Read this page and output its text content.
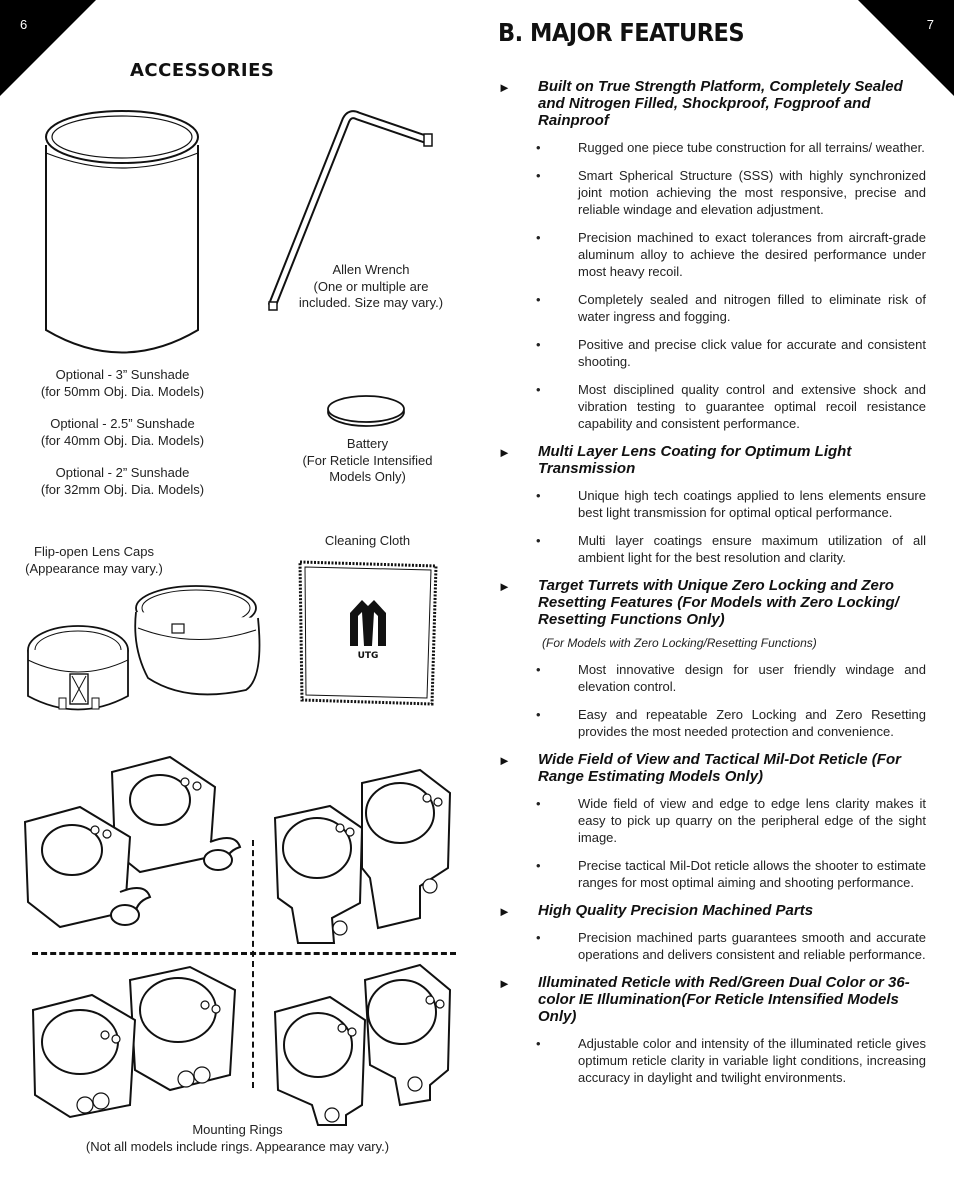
6	7
ACCESSORIES
Optional - 3” Sunshade
(for 50mm Obj. Dia. Models)
Optional - 2.5” Sunshade
(for 40mm Obj. Dia. Models)
Optional - 2” Sunshade
(for 32mm Obj. Dia. Models)
Allen Wrench
(One or multiple are
included. Size may vary.)
Battery
(For Reticle Intensified
Models Only)
Flip-open Lens Caps
(Appearance may vary.)
Cleaning Cloth
UTG
Mounting Rings
(Not all models include rings. Appearance may vary.)
B. MAJOR FEATURES
► Built on True Strength Platform, Completely Sealed and Nitrogen Filled, Shockproof, Fogproof and Rainproof
•	Rugged one piece tube construction for all terrains/ weather.
•	Smart Spherical Structure (SSS) with highly synchronized joint motion achieving the most responsive, precise and reliable windage and elevation adjustment.
•	Precision machined to exact tolerances from aircraft-grade aluminum alloy to achieve the desired performance under most heavy recoil.
•	Completely sealed and nitrogen filled to eliminate risk of water ingress and fogging.
•	Positive and precise click value for accurate and consistent shooting.
•	Most disciplined quality control and extensive shock and vibration testing to guarantee optimal recoil resistance capability and consistent performance.
► Multi Layer Lens Coating for Optimum Light Transmission
•	Unique high tech coatings applied to lens elements ensure best light transmission for optimal optical performance.
•	Multi layer coatings ensure maximum utilization of all ambient light for the best resolution and clarity.
► Target Turrets with Unique Zero Locking and Zero Resetting Features (For Models with Zero Locking/ Resetting Functions Only)
(For Models with Zero Locking/Resetting Functions)
•	Most innovative design for user friendly windage and elevation control.
•	Easy and repeatable Zero Locking and Zero Resetting provides the most needed protection and convenience.
► Wide Field of View and Tactical Mil-Dot Reticle (For Range Estimating Models Only)
•	Wide field of view and edge to edge lens clarity makes it easy to pick up quarry on the peripheral edge of the sight image.
•	Precise tactical Mil-Dot reticle allows the shooter to estimate ranges for most optimal aiming and shooting performance.
► High Quality Precision Machined Parts
•	Precision machined parts guarantees smooth and accurate operations and delivers consistent and reliable performance.
► Illuminated Reticle with Red/Green Dual Color or 36-color IE Illumination(For Reticle Intensified Models Only)
•	Adjustable color and intensity of the illuminated reticle gives optimum reticle clarity in variable light conditions, increasing accuracy in daylight and twilight environments.
